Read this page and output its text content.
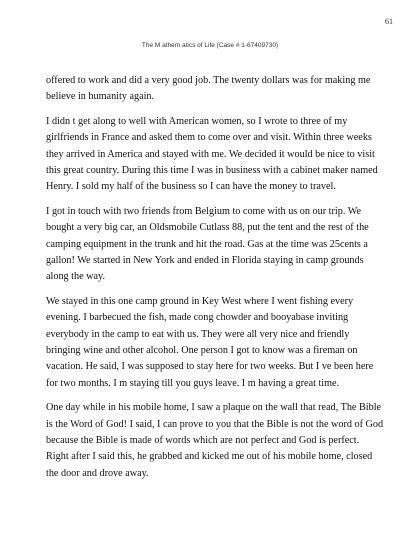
61
The M athem atics of Life (Case # 1-67409730)

offered to work and did a very good job. The twenty dollars was for making me believe in humanity again.

I didn t get along to well with American women, so I wrote to three of my girlfriends in France and asked them to come over and visit. Within three weeks they arrived in America and stayed with me. We decided it would be nice to visit this great country. During this time I was in business with a cabinet maker named Henry. I sold my half of the business so I can have the money to travel.

I got in touch with two friends from Belgium to come with us on our trip. We bought a very big car, an Oldsmobile Cutlass 88, put the tent and the rest of the camping equipment in the trunk and hit the road. Gas at the time was 25cents a gallon! We started in New York and ended in Florida staying in camp grounds along the way.

We stayed in this one camp ground in Key West where I went fishing every evening. I barbecued the fish, made cong chowder and booyabase inviting everybody in the camp to eat with us. They were all very nice and friendly bringing wine and other alcohol. One person I got to know was a fireman on vacation. He said, I was supposed to stay here for two weeks. But I ve been here for two months. I m staying till you guys leave. I m having a great time.

One day while in his mobile home, I saw a plaque on the wall that read, The Bible is the Word of God! I said, I can prove to you that the Bible is not the word of God because the Bible is made of words which are not perfect and God is perfect. Right after I said this, he grabbed and kicked me out of his mobile home, closed the door and drove away.
